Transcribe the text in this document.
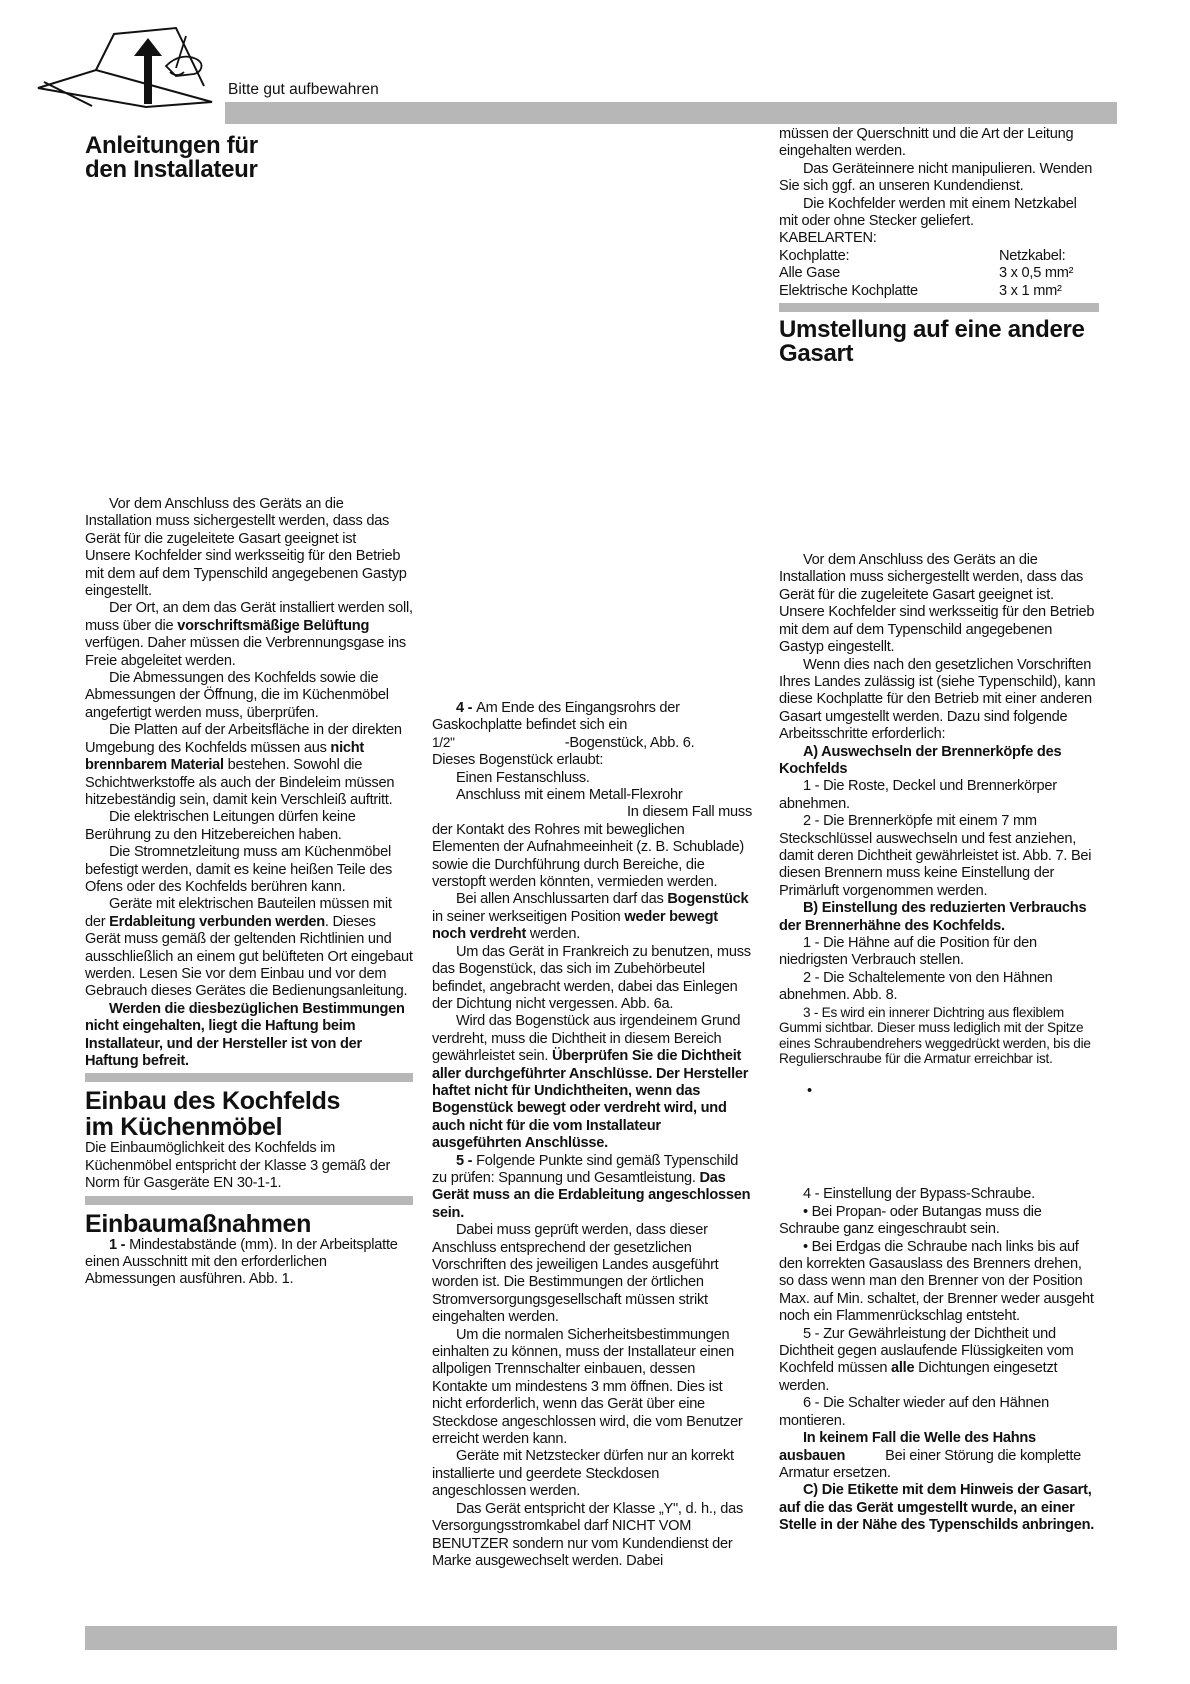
Bitte gut aufbewahren
Anleitungen für
den Installateur

Vor dem Anschluss des Geräts an die Installation muss sichergestellt werden, dass das Gerät für die zugeleitete Gasart geeignet ist  Unsere Kochfelder sind werksseitig für den Betrieb mit dem auf dem Typenschild angegebenen Gastyp eingestellt.

Der Ort, an dem das Gerät installiert werden soll, muss über die vorschriftsmäßige Belüftung verfügen. Daher müssen die Verbrennungsgase ins Freie abgeleitet werden.

Die Abmessungen des Kochfelds sowie die Abmessungen der Öffnung, die im Küchenmöbel angefertigt werden muss, überprüfen.

Die Platten auf der Arbeitsfläche in der direkten Umgebung des Kochfelds müssen aus nicht brennbarem Material bestehen. Sowohl die Schichtwerkstoffe als auch der Bindeleim müssen hitzebeständig sein, damit kein Verschleiß auftritt.

Die elektrischen Leitungen dürfen keine Berührung zu den Hitzebereichen haben.

Die Stromnetzleitung muss am Küchenmöbel befestigt werden, damit es keine heißen Teile des Ofens oder des Kochfelds berühren kann.

Geräte mit elektrischen Bauteilen müssen mit der Erdableitung verbunden werden. Dieses Gerät muss gemäß der geltenden Richtlinien und ausschließlich an einem gut belüfteten Ort eingebaut werden. Lesen Sie vor dem Einbau und vor dem Gebrauch dieses Gerätes die Bedienungsanleitung.

Werden die diesbezüglichen Bestimmungen nicht eingehalten, liegt die Haftung beim Installateur, und der Hersteller ist von der Haftung befreit.

Einbau des Kochfelds
im Küchenmöbel

Die Einbaumöglichkeit des Kochfelds im Küchenmöbel entspricht der Klasse 3 gemäß der Norm für Gasgeräte EN 30-1-1.

Einbaumaßnahmen

1 - Mindestabstände (mm). In der Arbeitsplatte einen Ausschnitt mit den erforderlichen Abmessungen ausführen. Abb. 1.

4 - Am Ende des Eingangsrohrs der Gaskochplatte befindet sich ein

1/2"	-Bogenstück, Abb. 6.

Dieses Bogenstück erlaubt:

Einen Festanschluss.

Anschluss mit einem Metall-Flexrohr

In diesem Fall muss

der Kontakt des Rohres mit beweglichen Elementen der Aufnahmeeinheit (z. B. Schublade) sowie die Durchführung durch Bereiche, die verstopft werden könnten, vermieden werden.

Bei allen Anschlussarten darf das Bogenstück in seiner werkseitigen Position weder bewegt noch verdreht werden.

Um das Gerät in Frankreich zu benutzen, muss das Bogenstück, das sich im Zubehörbeutel befindet, angebracht werden, dabei das Einlegen der Dichtung nicht vergessen. Abb. 6a.

Wird das Bogenstück aus irgendeinem Grund verdreht, muss die Dichtheit in diesem Bereich gewährleistet sein. Überprüfen Sie die Dichtheit aller durchgeführter Anschlüsse. Der Hersteller haftet nicht für Undichtheiten, wenn das Bogenstück bewegt oder verdreht wird, und auch nicht für die vom Installateur ausgeführten Anschlüsse.

5 - Folgende Punkte sind gemäß Typenschild zu prüfen: Spannung und Gesamtleistung. Das Gerät muss an die Erdableitung angeschlossen sein.

Dabei muss geprüft werden, dass dieser Anschluss entsprechend der gesetzlichen Vorschriften des jeweiligen Landes ausgeführt worden ist. Die Bestimmungen der örtlichen Stromversorgungsgesellschaft müssen strikt eingehalten werden.

Um die normalen Sicherheitsbestimmungen einhalten zu können, muss der Installateur einen allpoligen Trennschalter einbauen, dessen Kontakte um mindestens 3 mm öffnen. Dies ist nicht erforderlich, wenn das Gerät über eine Steckdose angeschlossen wird, die vom Benutzer erreicht werden kann.

Geräte mit Netzstecker dürfen nur an korrekt installierte und geerdete Steckdosen angeschlossen werden.

Das Gerät entspricht der Klasse „Y", d. h., das Versorgungsstromkabel darf NICHT VOM BENUTZER sondern nur vom Kundendienst der Marke ausgewechselt werden. Dabei

müssen der Querschnitt und die Art der Leitung eingehalten werden.

Das Geräteinnere nicht manipulieren. Wenden Sie sich ggf. an unseren Kundendienst.

Die Kochfelder werden mit einem Netzkabel mit oder ohne Stecker geliefert.

KABELARTEN:

Kochplatte:	Netzkabel:
Alle Gase	3 x 0,5 mm²
Elektrische Kochplatte	3 x 1 mm²
Umstellung auf eine andere
Gasart

Vor dem Anschluss des Geräts an die Installation muss sichergestellt werden, dass das Gerät für die zugeleitete Gasart geeignet ist. Unsere Kochfelder sind werksseitig für den Betrieb mit dem auf dem Typenschild angegebenen Gastyp eingestellt.

Wenn dies nach den gesetzlichen Vorschriften Ihres Landes zulässig ist (siehe Typenschild), kann diese Kochplatte für den Betrieb mit einer anderen Gasart umgestellt werden. Dazu sind folgende Arbeitsschritte erforderlich:

A) Auswechseln der Brennerköpfe des Kochfelds

1 - Die Roste, Deckel und Brennerkörper abnehmen.

2 - Die Brennerköpfe mit einem 7 mm Steckschlüssel auswechseln und fest anziehen, damit deren Dichtheit gewährleistet ist. Abb. 7. Bei diesen Brennern muss keine Einstellung der Primärluft vorgenommen werden.

B) Einstellung des reduzierten Verbrauchs der Brennerhähne des Kochfelds.

1 - Die Hähne auf die Position für den niedrigsten Verbrauch stellen.

2 - Die Schaltelemente von den Hähnen abnehmen. Abb. 8.

3 - Es wird ein innerer Dichtring aus flexiblem Gummi sichtbar. Dieser muss lediglich mit der Spitze eines Schraubendrehers weggedrückt werden, bis die Regulierschraube für die Armatur erreichbar ist.

•

4 - Einstellung der Bypass-Schraube.

• Bei Propan- oder Butangas muss die Schraube ganz eingeschraubt sein.

• Bei Erdgas die Schraube nach links bis auf den korrekten Gasauslass des Brenners drehen, so dass wenn man den Brenner von der Position Max. auf Min. schaltet, der Brenner weder ausgeht noch ein Flammenrückschlag entsteht.

5 - Zur Gewährleistung der Dichtheit und Dichtheit gegen auslaufende Flüssigkeiten vom Kochfeld müssen alle Dichtungen eingesetzt werden.

6 - Die Schalter wieder auf den Hähnen montieren.

In keinem Fall die Welle des Hahns ausbauen	Bei einer Störung die komplette Armatur ersetzen.

C) Die Etikette mit dem Hinweis der Gasart, auf die das Gerät umgestellt wurde, an einer Stelle in der Nähe des Typenschilds anbringen.
